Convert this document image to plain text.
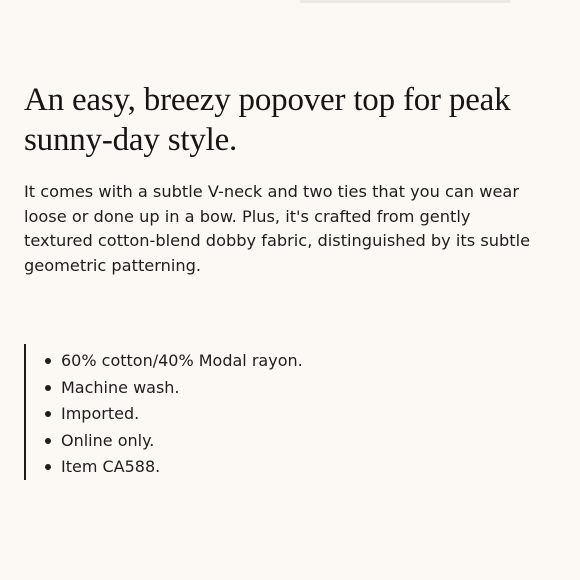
An easy, breezy popover top for peak sunny-day style.

It comes with a subtle V-neck and two ties that you can wear loose or done up in a bow. Plus, it's crafted from gently textured cotton-blend dobby fabric, distinguished by its subtle geometric patterning.

60% cotton/40% Modal rayon.
Machine wash.
Imported.
Online only.
Item CA588.
